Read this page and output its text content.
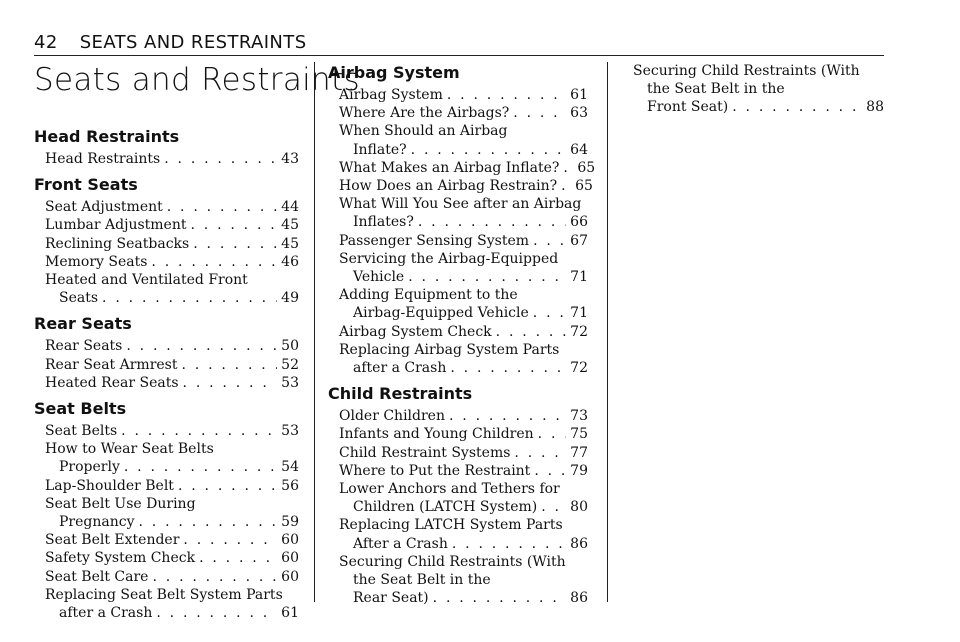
42 SEATS AND RESTRAINTS
Seats and Restraints
Head Restraints
Head Restraints . . .	43
Front Seats
Seat Adjustment . . .	44
Lumbar Adjustment . . .	45
Reclining Seatbacks . . .	45
Memory Seats . . .	46
Heated and Ventilated Front
Seats . . .	49
Rear Seats
Rear Seats . . .	50
Rear Seat Armrest . . .	52
Heated Rear Seats . . .	53
Seat Belts
Seat Belts . . .	53
How to Wear Seat Belts
Properly . . .	54
Lap-Shoulder Belt . . .	56
Seat Belt Use During
Pregnancy . . .	59
Seat Belt Extender . . .	60
Safety System Check . . .	60
Seat Belt Care . . .	60
Replacing Seat Belt System Parts
after a Crash . . .	61
Airbag System
Airbag System . . .	61
Where Are the Airbags? . . .	63
When Should an Airbag
Inflate? . . .	64
What Makes an Airbag Inflate? . . . 65
How Does an Airbag Restrain? . . . 65
What Will You See after an Airbag
Inflates? . . .	66
Passenger Sensing System . . .	67
Servicing the Airbag-Equipped
Vehicle . . .	71
Adding Equipment to the
Airbag-Equipped Vehicle . . .	71
Airbag System Check . . .	72
Replacing Airbag System Parts
after a Crash . . .	72
Child Restraints
Older Children . . .	73
Infants and Young Children . . .	75
Child Restraint Systems . . .	77
Where to Put the Restraint . . .	79
Lower Anchors and Tethers for
Children (LATCH System) . . . 80
Replacing LATCH System Parts
After a Crash . . .	86
Securing Child Restraints (With
the Seat Belt in the
Rear Seat) . . .	86
Securing Child Restraints (With
the Seat Belt in the
Front Seat) . . .	88
